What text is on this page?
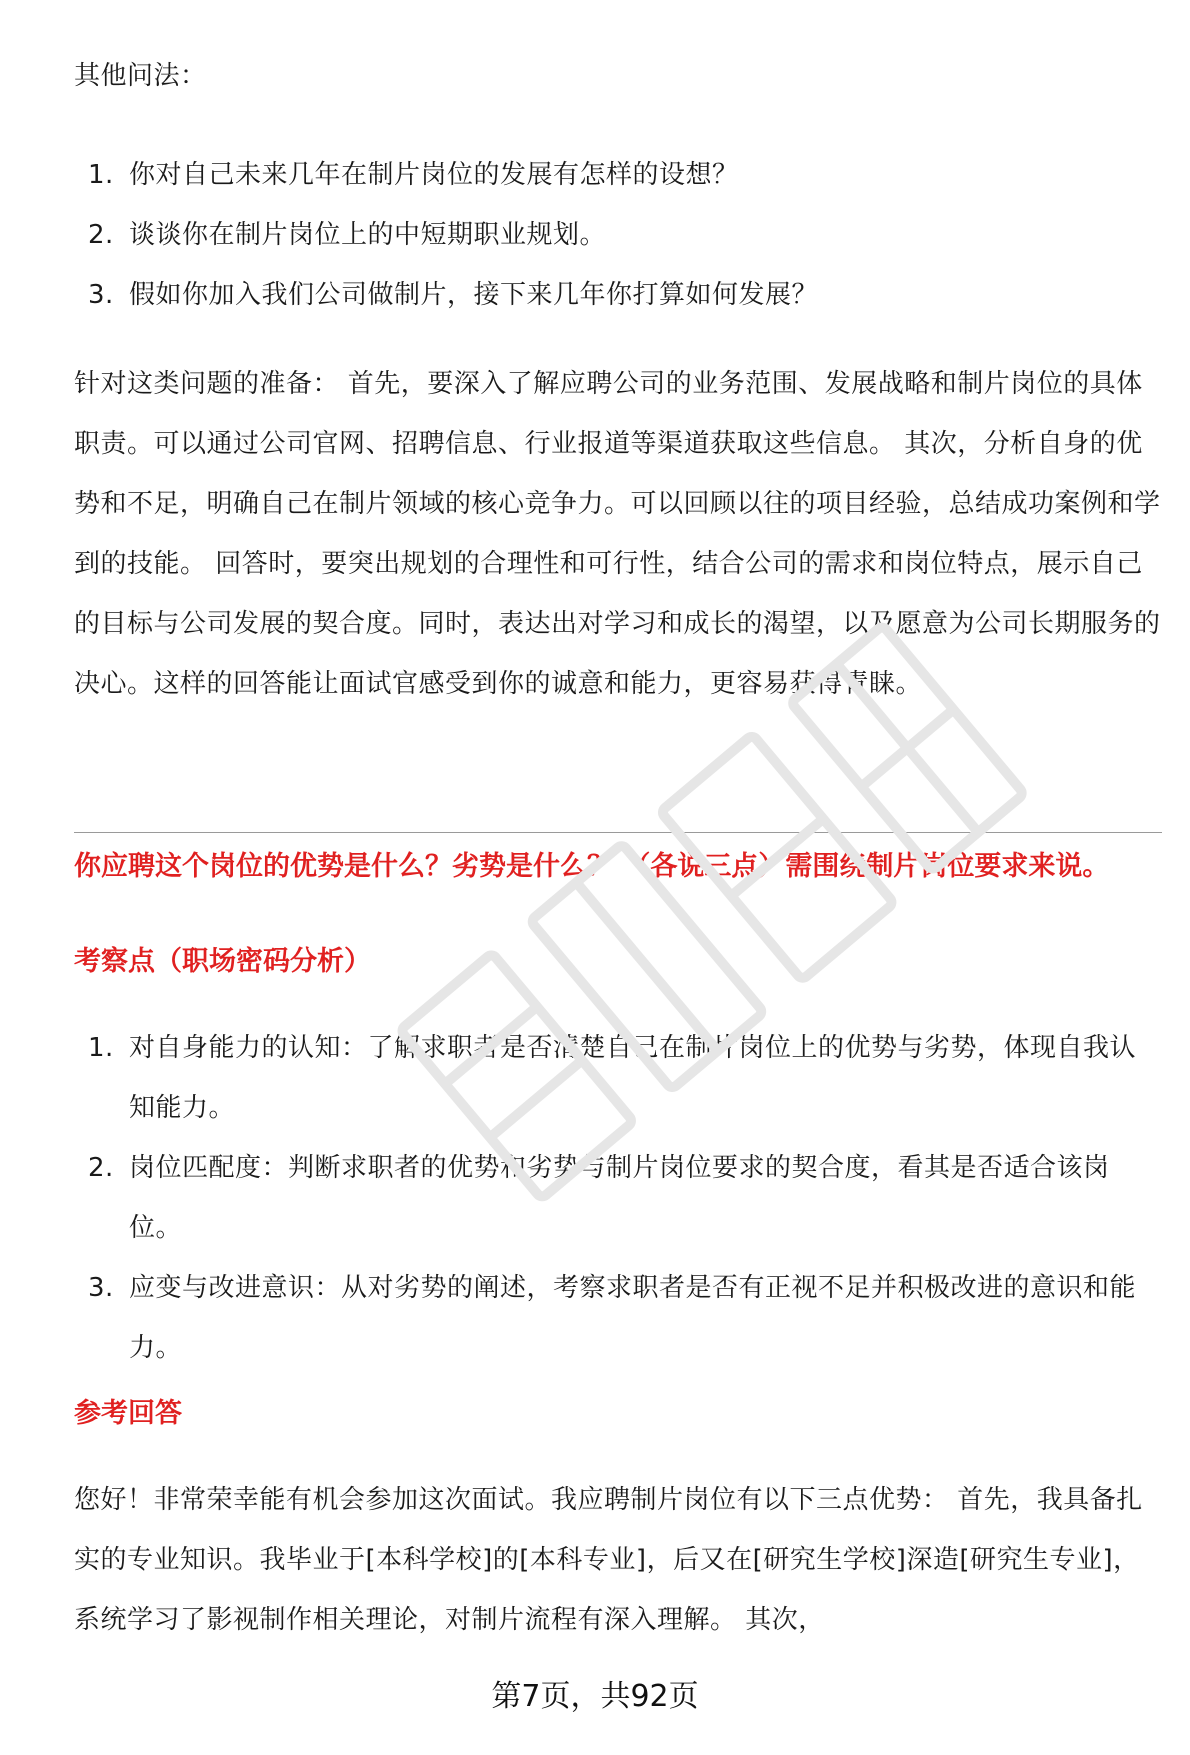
其他问法：

1. 你对自己未来几年在制片岗位的发展有怎样的设想？
2. 谈谈你在制片岗位上的中短期职业规划。
3. 假如你加入我们公司做制片，接下来几年你打算如何发展？

针对这类问题的准备： 首先，要深入了解应聘公司的业务范围、发展战略和制片岗位的具体职责。可以通过公司官网、招聘信息、行业报道等渠道获取这些信息。 其次，分析自身的优势和不足，明确自己在制片领域的核心竞争力。可以回顾以往的项目经验，总结成功案例和学到的技能。 回答时，要突出规划的合理性和可行性，结合公司的需求和岗位特点，展示自己的目标与公司发展的契合度。同时，表达出对学习和成长的渴望，以及愿意为公司长期服务的决心。这样的回答能让面试官感受到你的诚意和能力，更容易获得青睐。

你应聘这个岗位的优势是什么？劣势是什么？ （各说三点）需围绕制片岗位要求来说。

考察点（职场密码分析）

1. 对自身能力的认知：了解求职者是否清楚自己在制片岗位上的优势与劣势，体现自我认知能力。
2. 岗位匹配度：判断求职者的优势和劣势与制片岗位要求的契合度，看其是否适合该岗位。
3. 应变与改进意识：从对劣势的阐述，考察求职者是否有正视不足并积极改进的意识和能力。

参考回答

您好！非常荣幸能有机会参加这次面试。我应聘制片岗位有以下三点优势： 首先，我具备扎实的专业知识。我毕业于[本科学校]的[本科专业]，后又在[研究生学校]深造[研究生专业]，系统学习了影视制作相关理论，对制片流程有深入理解。 其次，

第7页，共92页
